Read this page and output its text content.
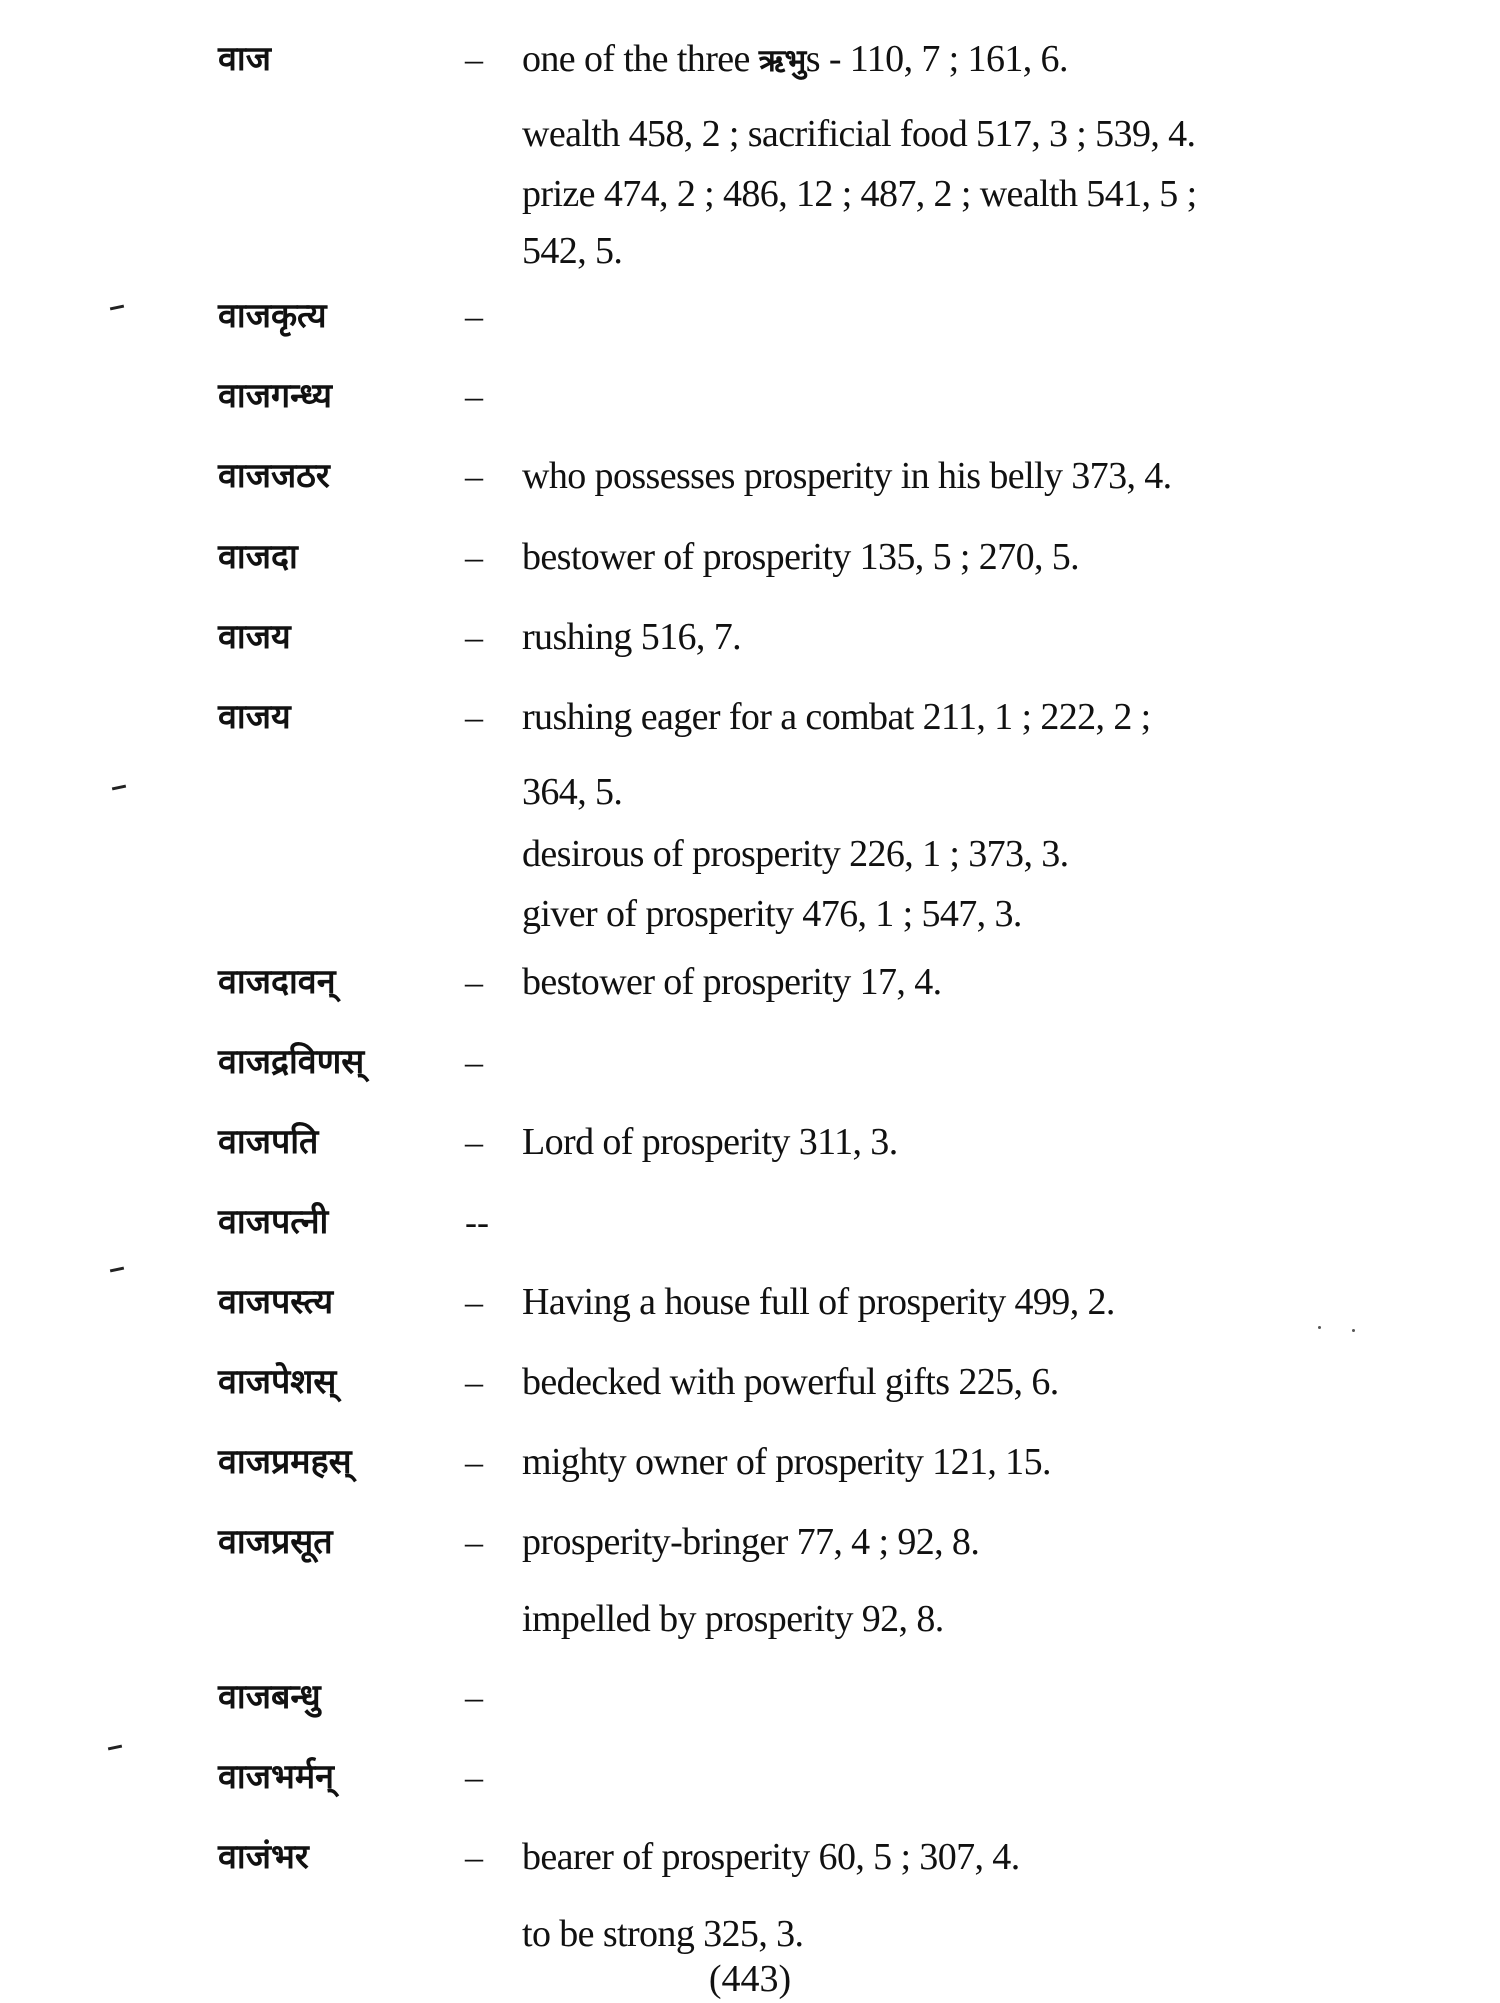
वाज	– one of the three ऋभुs - 110, 7 ; 161, 6.
wealth 458, 2 ; sacrificial food 517, 3 ; 539, 4.
prize 474, 2 ; 486, 12 ; 487, 2 ; wealth 541, 5 ;
542, 5.
वाजकृत्य	–
वाजगन्ध्य	–
वाजजठर	– who possesses prosperity in his belly 373, 4.
वाजदा	– bestower of prosperity 135, 5 ; 270, 5.
वाजय	– rushing 516, 7.
वाजय	– rushing eager for a combat 211, 1 ; 222, 2 ;
364, 5.
desirous of prosperity 226, 1 ; 373, 3.
giver of prosperity 476, 1 ; 547, 3.
वाजदावन्	– bestower of prosperity 17, 4.
वाजद्रविणस्	–
वाजपति	– Lord of prosperity 311, 3.
वाजपत्नी	--
वाजपस्त्य	– Having a house full of prosperity 499, 2.
वाजपेशस्	– bedecked with powerful gifts 225, 6.
वाजप्रमहस्	– mighty owner of prosperity 121, 15.
वाजप्रसूत	– prosperity-bringer 77, 4 ; 92, 8.
impelled by prosperity 92, 8.
वाजबन्धु	–
वाजभर्मन्	–
वाजंभर	– bearer of prosperity 60, 5 ; 307, 4.
to be strong 325, 3.
(443)
